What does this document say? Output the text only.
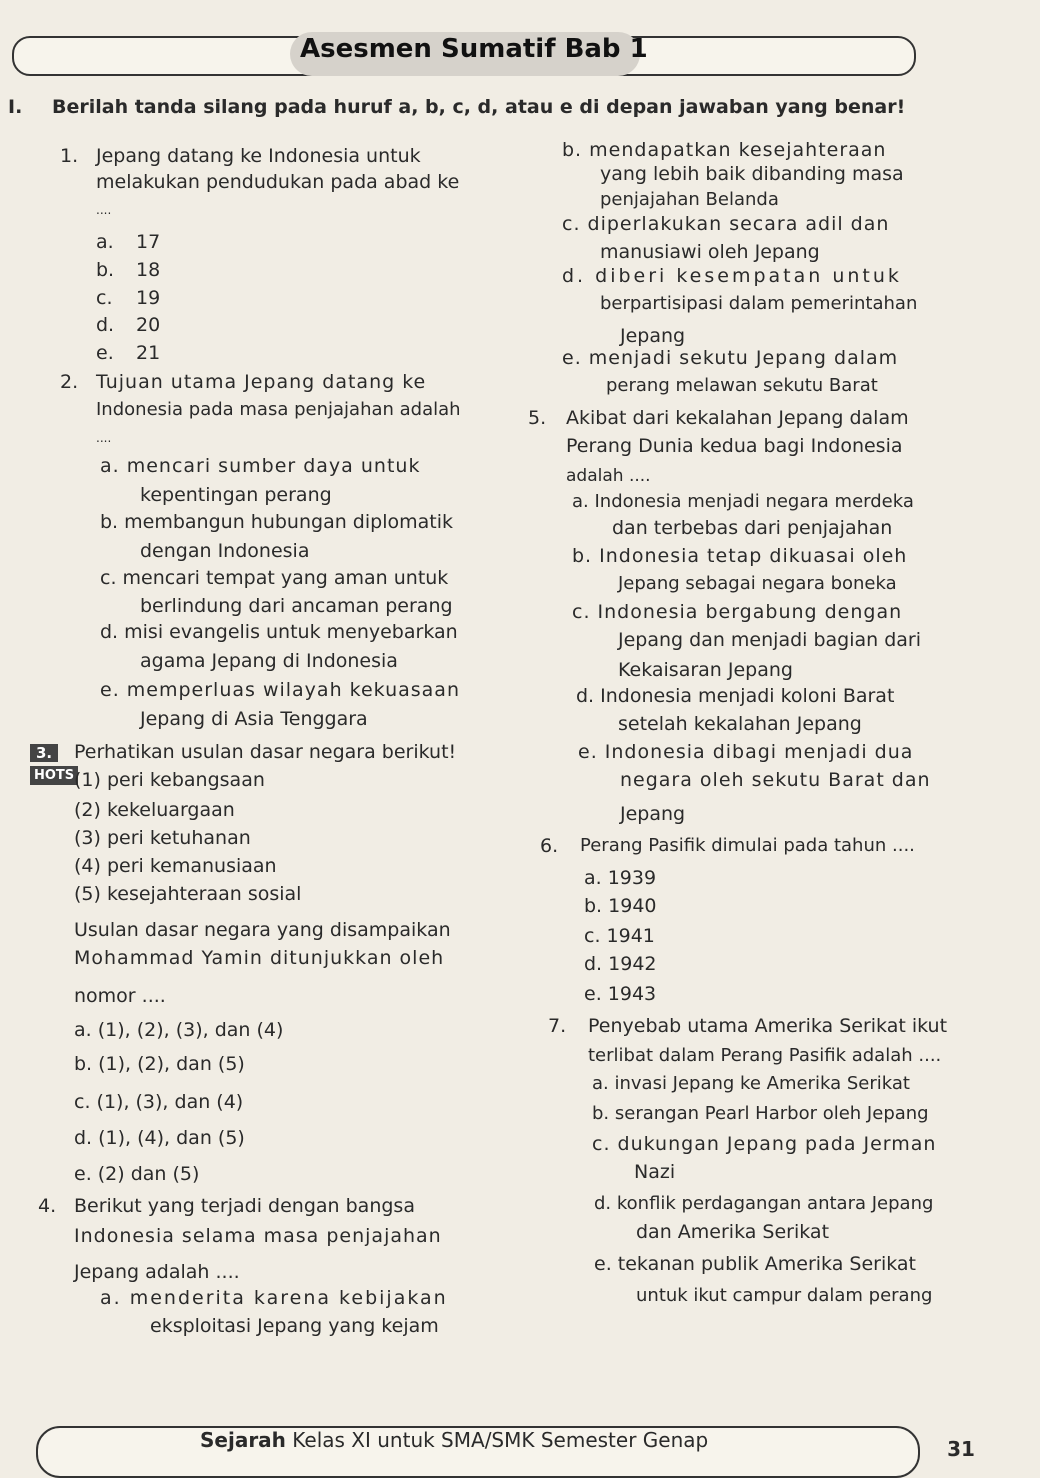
Asesmen Sumatif Bab 1
I. Berilah tanda silang pada huruf a, b, c, d, atau e di depan jawaban yang benar!
1. Jepang datang ke Indonesia untuk
melakukan pendudukan pada abad ke
....
a. 17
b. 18
c. 19
d. 20
e. 21
2. Tujuan utama Jepang datang ke
Indonesia pada masa penjajahan adalah
....
a. mencari sumber daya untuk
kepentingan perang
b. membangun hubungan diplomatik
dengan Indonesia
c. mencari tempat yang aman untuk
berlindung dari ancaman perang
d. misi evangelis untuk menyebarkan
agama Jepang di Indonesia
e. memperluas wilayah kekuasaan
Jepang di Asia Tenggara
3.
HOTS
Perhatikan usulan dasar negara berikut!
(1) peri kebangsaan
(2) kekeluargaan
(3) peri ketuhanan
(4) peri kemanusiaan
(5) kesejahteraan sosial
Usulan dasar negara yang disampaikan
Mohammad Yamin ditunjukkan oleh
nomor ....
a. (1), (2), (3), dan (4)
b. (1), (2), dan (5)
c. (1), (3), dan (4)
d. (1), (4), dan (5)
e. (2) dan (5)
4. Berikut yang terjadi dengan bangsa
Indonesia selama masa penjajahan
Jepang adalah ....
a. menderita karena kebijakan
eksploitasi Jepang yang kejam
b. mendapatkan kesejahteraan
yang lebih baik dibanding masa
penjajahan Belanda
c. diperlakukan secara adil dan
manusiawi oleh Jepang
d. diberi kesempatan untuk
berpartisipasi dalam pemerintahan
Jepang
e. menjadi sekutu Jepang dalam
perang melawan sekutu Barat
5. Akibat dari kekalahan Jepang dalam
Perang Dunia kedua bagi Indonesia
adalah ....
a. Indonesia menjadi negara merdeka
dan terbebas dari penjajahan
b. Indonesia tetap dikuasai oleh
Jepang sebagai negara boneka
c. Indonesia bergabung dengan
Jepang dan menjadi bagian dari
Kekaisaran Jepang
d. Indonesia menjadi koloni Barat
setelah kekalahan Jepang
e. Indonesia dibagi menjadi dua
negara oleh sekutu Barat dan
Jepang
6. Perang Pasifik dimulai pada tahun ....
a. 1939
b. 1940
c. 1941
d. 1942
e. 1943
7. Penyebab utama Amerika Serikat ikut
terlibat dalam Perang Pasifik adalah ....
a. invasi Jepang ke Amerika Serikat
b. serangan Pearl Harbor oleh Jepang
c. dukungan Jepang pada Jerman
Nazi
d. konflik perdagangan antara Jepang
dan Amerika Serikat
e. tekanan publik Amerika Serikat
untuk ikut campur dalam perang
Sejarah Kelas XI untuk SMA/SMK Semester Genap	31
